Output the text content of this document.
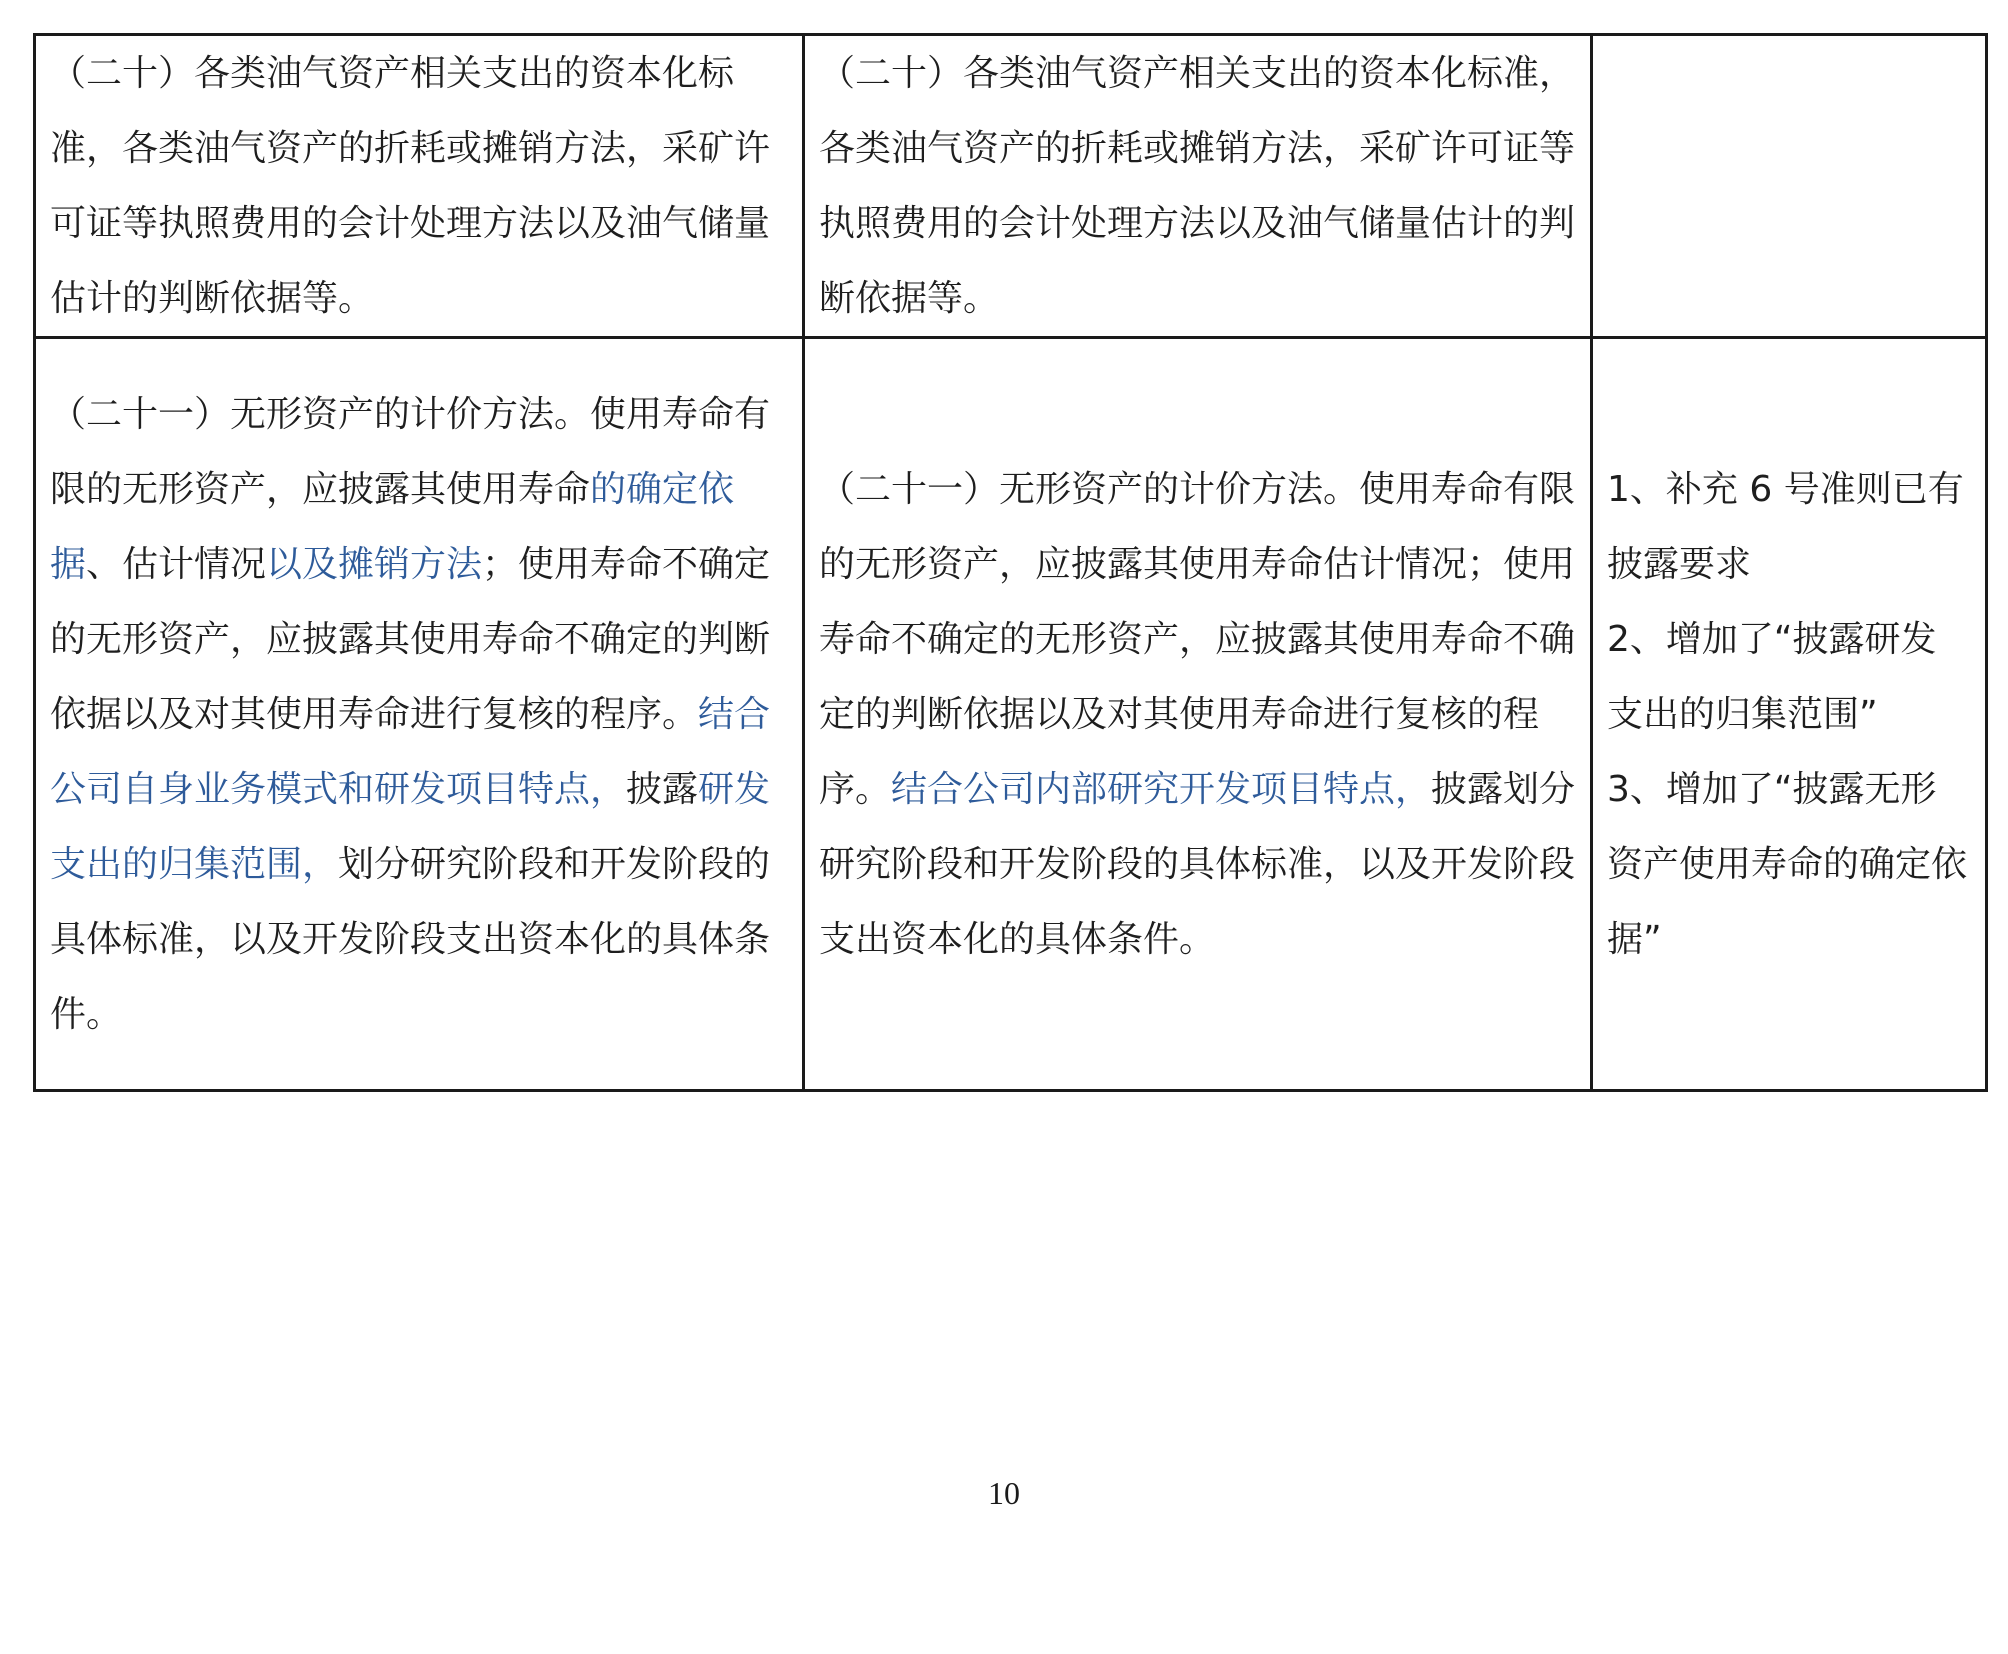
（二十）各类油气资产相关支出的资本化标准，各类油气资产的折耗或摊销方法，采矿许可证等执照费用的会计处理方法以及油气储量估计的判断依据等。	（二十）各类油气资产相关支出的资本化标准，各类油气资产的折耗或摊销方法，采矿许可证等执照费用的会计处理方法以及油气储量估计的判断依据等。	
（二十一）无形资产的计价方法。使用寿命有限的无形资产，应披露其使用寿命的确定依据、估计情况以及摊销方法；使用寿命不确定的无形资产，应披露其使用寿命不确定的判断依据以及对其使用寿命进行复核的程序。结合公司自身业务模式和研发项目特点，披露研发支出的归集范围，划分研究阶段和开发阶段的具体标准，以及开发阶段支出资本化的具体条件。	（二十一）无形资产的计价方法。使用寿命有限的无形资产，应披露其使用寿命估计情况；使用寿命不确定的无形资产，应披露其使用寿命不确定的判断依据以及对其使用寿命进行复核的程序。结合公司内部研究开发项目特点，披露划分研究阶段和开发阶段的具体标准，以及开发阶段支出资本化的具体条件。	1、补充 6 号准则已有披露要求
2、增加了“披露研发支出的归集范围”
3、增加了“披露无形资产使用寿命的确定依据”
10
